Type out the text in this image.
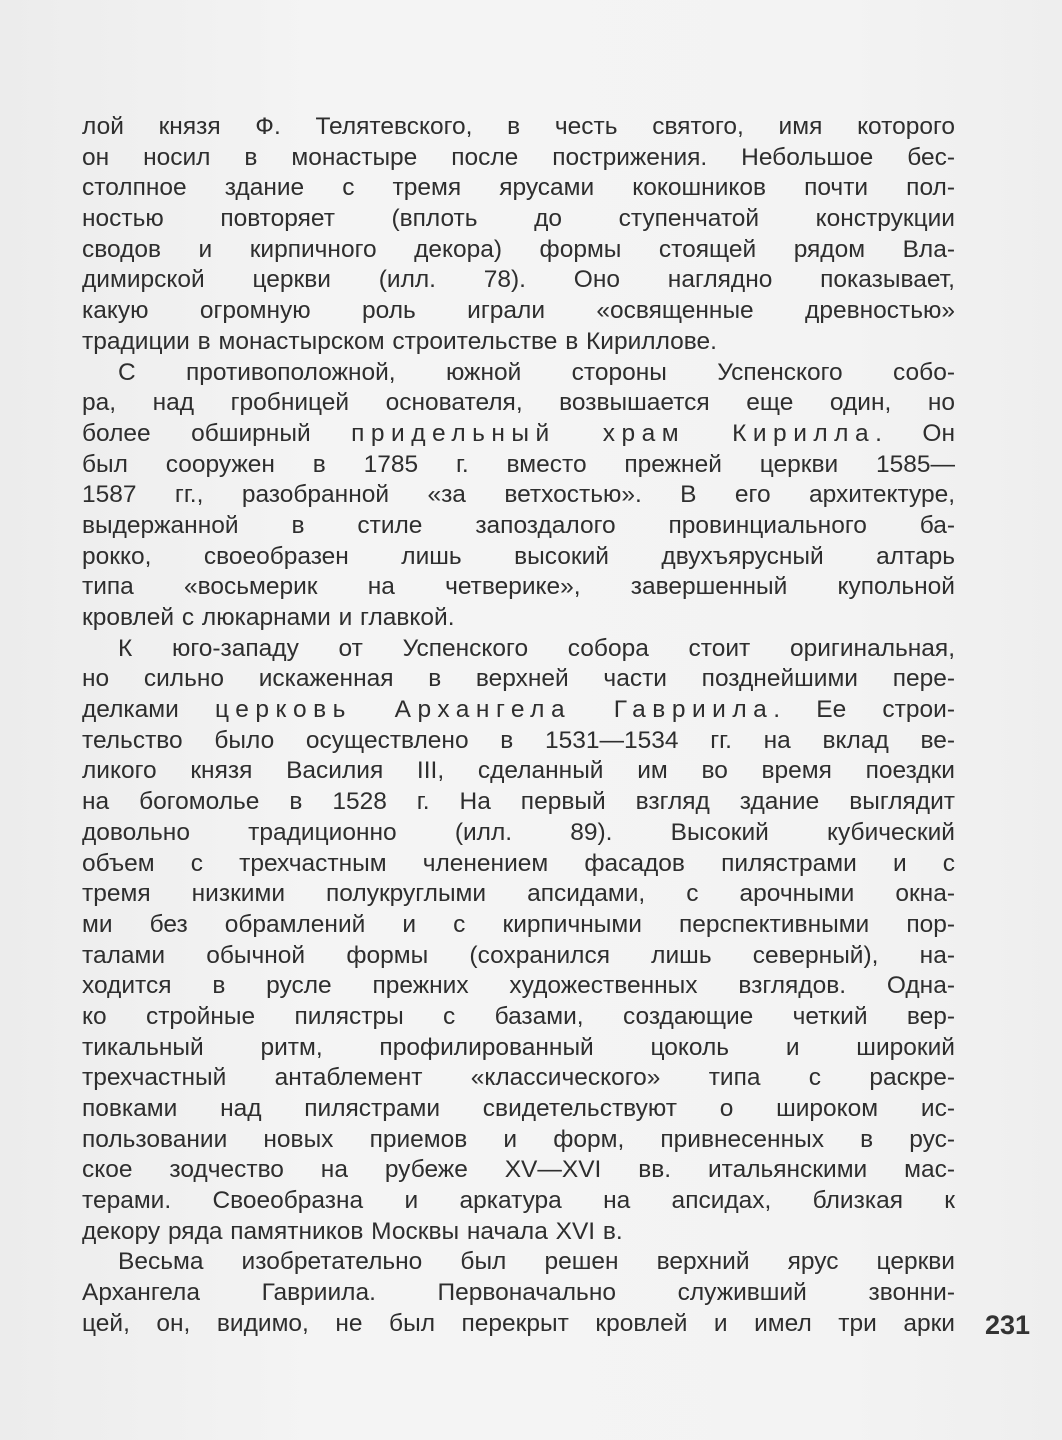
лой князя Ф. Телятевского, в честь святого, имя которого
он носил в монастыре после пострижения. Небольшое бес-
столпное здание с тремя ярусами кокошников почти пол-
ностью повторяет (вплоть до ступенчатой конструкции
сводов и кирпичного декора) формы стоящей рядом Вла-
димирской церкви (илл. 78). Оно наглядно показывает,
какую огромную роль играли «освященные древностью»
традиции в монастырском строительстве в Кириллове.
С противоположной, южной стороны Успенского собо-
ра, над гробницей основателя, возвышается еще один, но
более обширный придельный храм Кирилла. Он
был сооружен в 1785 г. вместо прежней церкви 1585—
1587 гг., разобранной «за ветхостью». В его архитектуре,
выдержанной в стиле запоздалого провинциального ба-
рокко, своеобразен лишь высокий двухъярусный алтарь
типа «восьмерик на четверике», завершенный купольной
кровлей с люкарнами и главкой.
К юго-западу от Успенского собора стоит оригинальная,
но сильно искаженная в верхней части позднейшими пере-
делками церковь Архангела Гавриила. Ее строи-
тельство было осуществлено в 1531—1534 гг. на вклад ве-
ликого князя Василия III, сделанный им во время поездки
на богомолье в 1528 г. На первый взгляд здание выглядит
довольно традиционно (илл. 89). Высокий кубический
объем с трехчастным членением фасадов пилястрами и с
тремя низкими полукруглыми апсидами, с арочными окна-
ми без обрамлений и с кирпичными перспективными пор-
талами обычной формы (сохранился лишь северный), на-
ходится в русле прежних художественных взглядов. Одна-
ко стройные пилястры с базами, создающие четкий вер-
тикальный ритм, профилированный цоколь и широкий
трехчастный антаблемент «классического» типа с раскре-
повками над пилястрами свидетельствуют о широком ис-
пользовании новых приемов и форм, привнесенных в рус-
ское зодчество на рубеже XV—XVI вв. итальянскими мас-
терами. Своеобразна и аркатура на апсидах, близкая к
декору ряда памятников Москвы начала XVI в.
Весьма изобретательно был решен верхний ярус церкви
Архангела Гавриила. Первоначально служивший звонни-
цей, он, видимо, не был перекрыт кровлей и имел три арки 231
